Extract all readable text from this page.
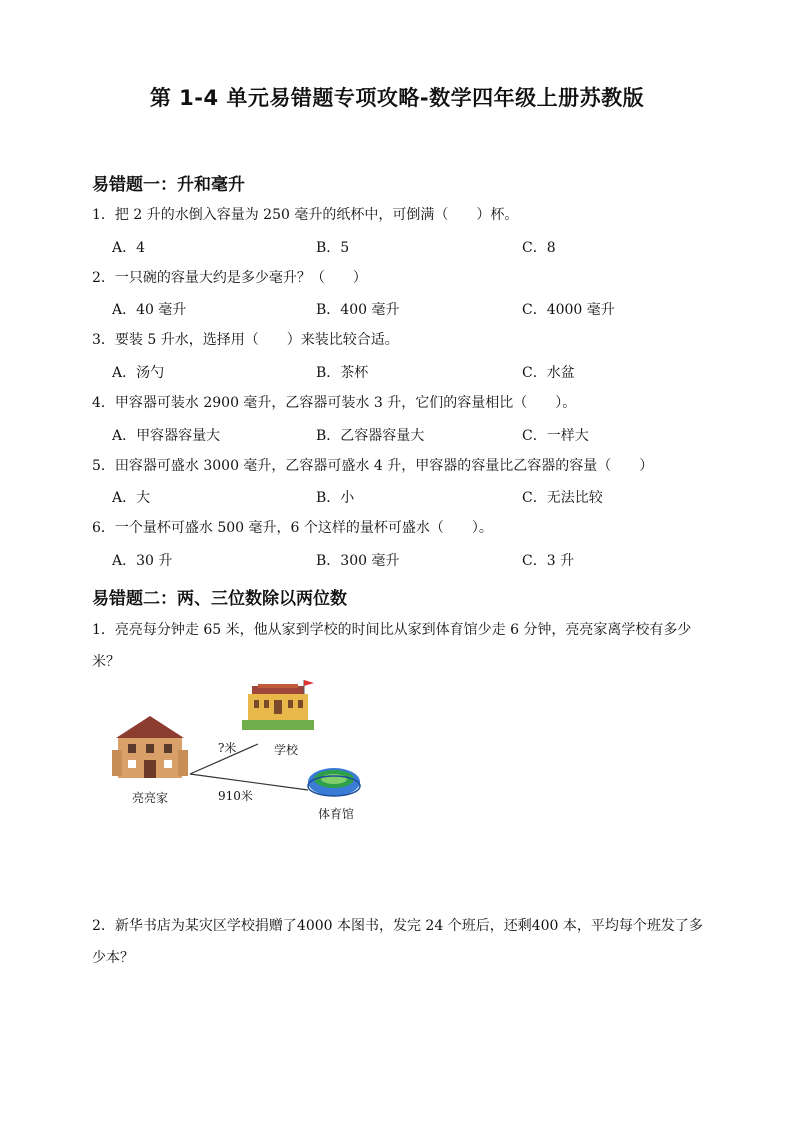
第 1-4 单元易错题专项攻略-数学四年级上册苏教版
易错题一：升和毫升
1．把 2 升的水倒入容量为 250 毫升的纸杯中，可倒满（　　）杯。
A．4	B．5	C．8
2．一只碗的容量大约是多少毫升？（　　）
A．40 毫升	B．400 毫升	C．4000 毫升
3．要装 5 升水，选择用（　　）来装比较合适。
A．汤勺	B．茶杯	C．水盆
4．甲容器可装水 2900 毫升，乙容器可装水 3 升，它们的容量相比（　　）。
A．甲容器容量大	B．乙容器容量大	C．一样大
5．田容器可盛水 3000 毫升，乙容器可盛水 4 升，甲容器的容量比乙容器的容量（　　）
A．大	B．小	C．无法比较
6．一个量杯可盛水 500 毫升，6 个这样的量杯可盛水（　　）。
A．30 升	B．300 毫升	C．3 升
易错题二：两、三位数除以两位数
1．亮亮每分钟走 65 米，他从家到学校的时间比从家到体育馆少走 6 分钟，亮亮家离学校有多少米？
?米	学校
亮亮家	910米
体育馆
2．新华书店为某灾区学校捐赠了4000 本图书，发完 24 个班后，还剩400 本，平均每个班发了多少本？
